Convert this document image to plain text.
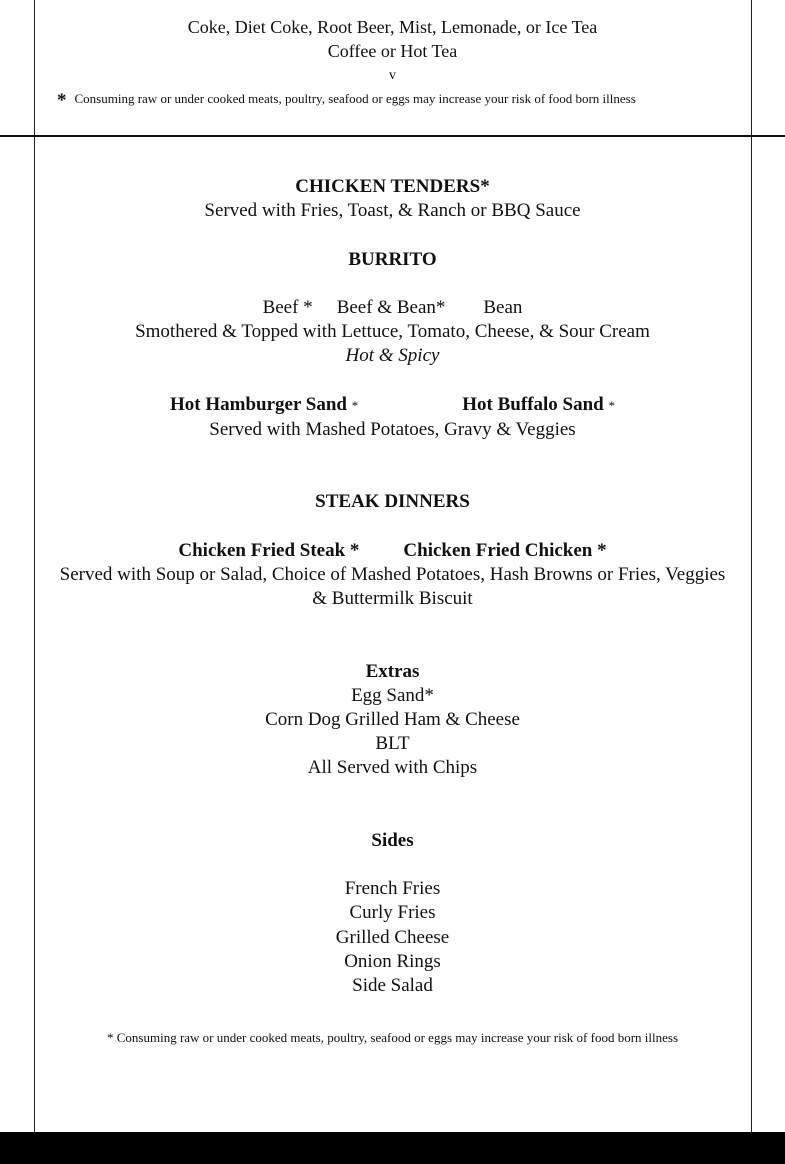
Coke, Diet Coke, Root Beer, Mist, Lemonade, or Ice Tea
Coffee or Hot Tea
v
* Consuming raw or under cooked meats, poultry, seafood or eggs may increase your risk of food born illness
CHICKEN TENDERS*
Served with Fries, Toast, & Ranch or BBQ Sauce
BURRITO
Beef * Beef & Bean* Bean
Smothered & Topped with Lettuce, Tomato, Cheese, & Sour Cream
Hot & Spicy
Hot Hamburger Sand *	Hot Buffalo Sand *
Served with Mashed Potatoes, Gravy & Veggies
STEAK DINNERS
Chicken Fried Steak * Chicken Fried Chicken *
Served with Soup or Salad, Choice of Mashed Potatoes, Hash Browns or Fries, Veggies
& Buttermilk Biscuit
Extras
Egg Sand*
Corn Dog Grilled Ham & Cheese
BLT
All Served with Chips
Sides
French Fries
Curly Fries
Grilled Cheese
Onion Rings
Side Salad
* Consuming raw or under cooked meats, poultry, seafood or eggs may increase your risk of food born illness
